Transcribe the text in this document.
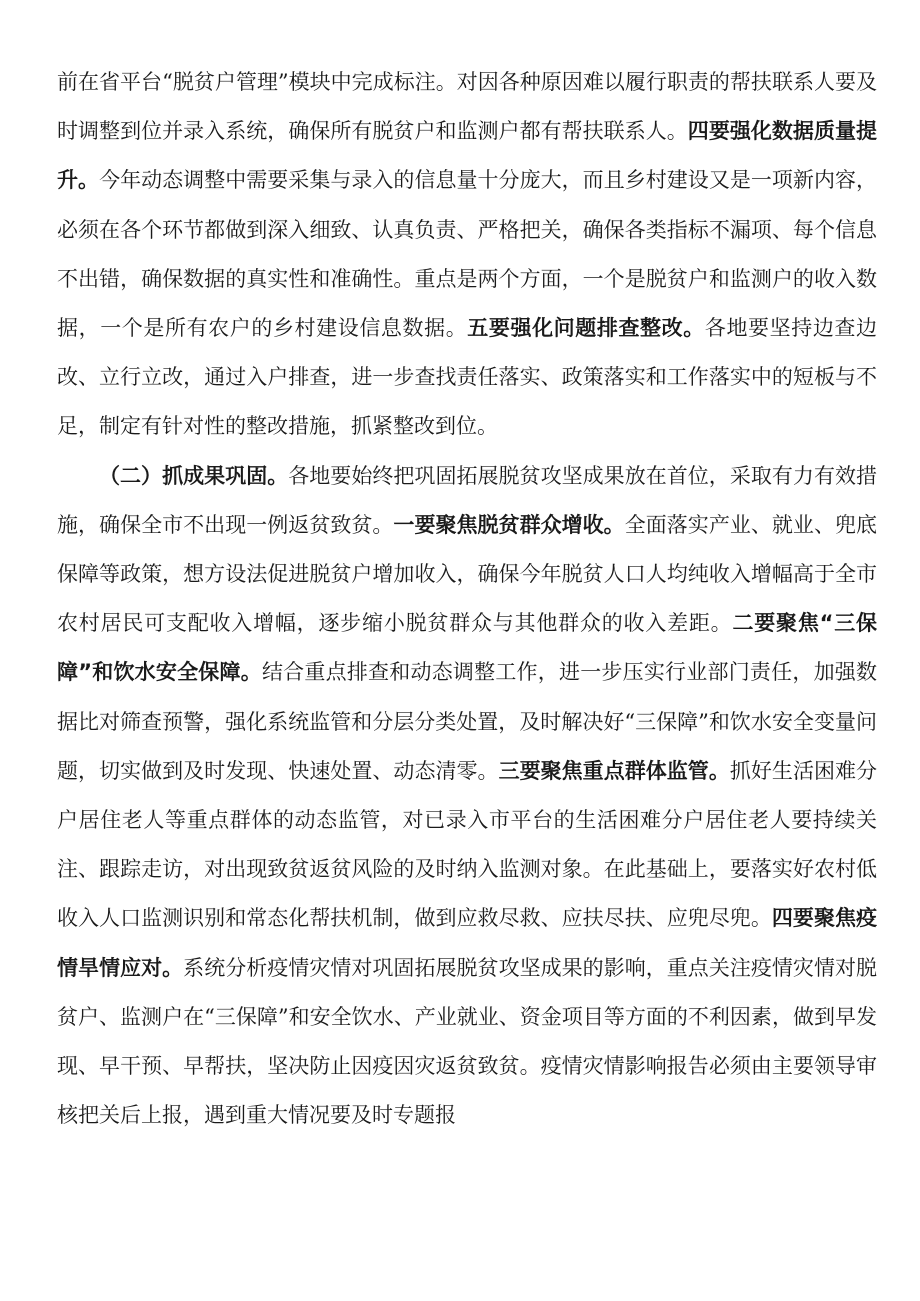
前在省平台“脱贫户管理”模块中完成标注。对因各种原因难以履行职责的帮扶联系人要及时调整到位并录入系统，确保所有脱贫户和监测户都有帮扶联系人。四要强化数据质量提升。今年动态调整中需要采集与录入的信息量十分庞大，而且乡村建设又是一项新内容，必须在各个环节都做到深入细致、认真负责、严格把关，确保各类指标不漏项、每个信息不出错，确保数据的真实性和准确性。重点是两个方面，一个是脱贫户和监测户的收入数据，一个是所有农户的乡村建设信息数据。五要强化问题排查整改。各地要坚持边查边改、立行立改，通过入户排查，进一步查找责任落实、政策落实和工作落实中的短板与不足，制定有针对性的整改措施，抓紧整改到位。

（二）抓成果巩固。各地要始终把巩固拓展脱贫攻坚成果放在首位，采取有力有效措施，确保全市不出现一例返贫致贫。一要聚焦脱贫群众增收。全面落实产业、就业、兜底保障等政策，想方设法促进脱贫户增加收入，确保今年脱贫人口人均纯收入增幅高于全市农村居民可支配收入增幅，逐步缩小脱贫群众与其他群众的收入差距。二要聚焦“三保障”和饮水安全保障。结合重点排查和动态调整工作，进一步压实行业部门责任，加强数据比对筛查预警，强化系统监管和分层分类处置，及时解决好“三保障”和饮水安全变量问题，切实做到及时发现、快速处置、动态清零。三要聚焦重点群体监管。抓好生活困难分户居住老人等重点群体的动态监管，对已录入市平台的生活困难分户居住老人要持续关注、跟踪走访，对出现致贫返贫风险的及时纳入监测对象。在此基础上，要落实好农村低收入人口监测识别和常态化帮扶机制，做到应救尽救、应扶尽扶、应兜尽兜。四要聚焦疫情旱情应对。系统分析疫情灾情对巩固拓展脱贫攻坚成果的影响，重点关注疫情灾情对脱贫户、监测户在“三保障”和安全饮水、产业就业、资金项目等方面的不利因素，做到早发现、早干预、早帮扶，坚决防止因疫因灾返贫致贫。疫情灾情影响报告必须由主要领导审核把关后上报，遇到重大情况要及时专题报
